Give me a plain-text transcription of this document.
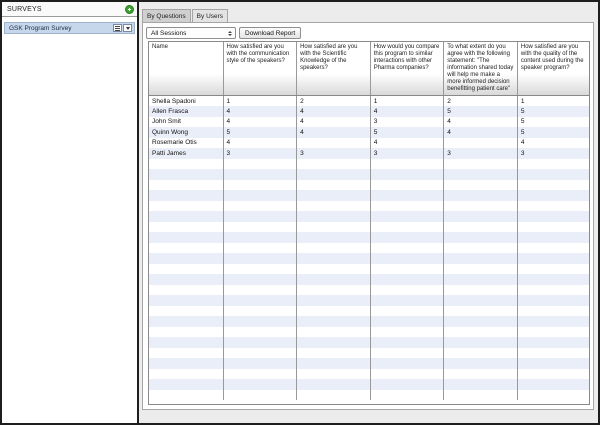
SURVEYS
GSK Program Survey
By Questions	By Users
All Sessions	Download Report
Name	How satisfied are you with the communication style of the speakers?	How satisfied are you with the Scientific Knowledge of the speakers?	How would you compare this program to similar interactions with other Pharma companies?	To what extent do you agree with the following statement: "The information shared today will help me make a more informed decision benefitting patient care"	How satisfied are you with the quality of the content used during the speaker program?
Shella Spadoni	1	2	1	2	1
Allen Frasca	4	4	4	5	5
John Smit	4	4	3	4	5
Quinn Wong	5	4	5	4	5
Rosemarie Otis	4		4		4
Patti James	3	3	3	3	3
